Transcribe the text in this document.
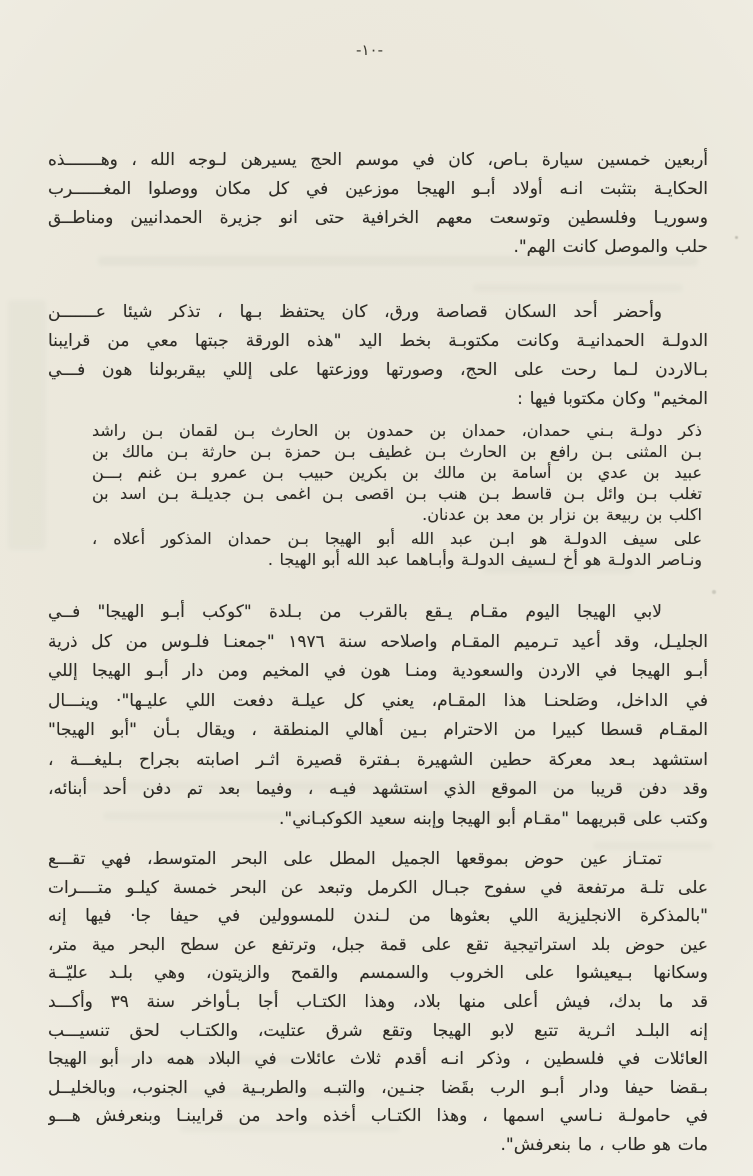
-١٠-
أربعين خمسين سيارة بـاص، كان في موسم الحج يسيرهن لـوجه الله ، وهـــــــذه
الحكايـة بتثبت انـه أولاد أبـو الهيجا موزعين في كل مكان ووصلوا المغــــــرب
وسوريـا وفلسطين وتوسعت معهم الخرافية حتى انو جزيرة الحمدانيين ومناطــق
حلب والموصل كانت الهم".
وأحضر أحد السكان قصاصة ورق، كان يحتفظ بـها ، تذكر شيئا عـــــــن
الدولـة الحمدانيـة وكانت مكتوبـة بخط اليد "هذه الورقة جبتها معي من قرايبنا
بـالاردن لـما رحت على الحج، وصورتها ووزعتها على إللي بيقربولنا هون فـــي
المخيم" وكان مكتوبا فيها :
ذكر دولـة بـني حمدان، حمدان بن حمدون بن الحارث بـن لقمان بـن راشد
بـن المثنى بـن رافع بن الحارث بـن غطيف بـن حمزة بـن حارثة بـن مالك بن
عبيد بن عدي بن أسامة بن مالك بن بكرين حبيب بـن عمرو بـن غنم بـــن
تغلب بـن وائل بـن قاسط بـن هنب بـن اقصى بـن اغمى بـن جديلـة بـن اسد بن
اكلب بن ربيعة بن نزار بن معد بن عدنان.
على سيف الدولـة هو ابـن عبد الله أبو الهيجا بـن حمدان المذكور أعلاه ،
ونـاصر الدولـة هو أخ لـسيف الدولـة وأبـاهما عبد الله أبو الهيجا .
لابي الهيجا اليوم مقـام يـقع بالقرب من بـلدة "كوكب أبـو الهيجا" فــي
الجليـل، وقد أعيد تـرميم المقـام واصلاحه سنة ١٩٧٦ "جمعنـا فلـوس من كل ذرية
أبـو الهيجا في الاردن والسعودية ومنـا هون في المخيم ومن دار أبـو الهيجا إللي
في الداخل، وصَلحنـا هذا المقـام، يعني كل عيلـة دفعت اللي عليـها"· وينـــال
المقـام قسطا كبيرا من الاحترام بـين أهالي المنطقة ، ويقال بـأن "أبو الهيجا"
استشهد بـعد معركة حطين الشهيرة بـفترة قصيرة اثـر اصابته بجراح بـليغـــة ،
وقد دفن قريبا من الموقع الذي استشهد فيـه ، وفيما بعد تم دفن أحد أبنائه،
وكتب على قبريهما "مقـام أبو الهيجا وإبنه سعيد الكوكبـاني".
تمتـاز عين حوض بموقعها الجميل المطل على البحر المتوسط، فهي تقـــع
على تلـة مرتفعة في سفوح جبـال الكرمل وتبعد عن البحر خمسة كيلـو متــــرات
"بالمذكرة الانجليزية اللي بعثوها من لـندن للمسوولين في حيفا جا· فيها إنه
عين حوض بلد استراتيجية تقع على قمة جبل، وترتفع عن سطح البحر مية متر،
وسكانها بـيعيشوا على الخروب والسمسم والقمح والزيتون، وهي بلـد عليّــة
قد ما بدك، فيش أعلى منها بلاد، وهذا الكتـاب أجا بـأواخر سنة ٣٩ وأكـــد
إنه البلـد اثـرية تتبع لابو الهيجا وتقع شرق عتليت، والكتـاب لحق تنسيـــب
العائلات في فلسطين ، وذكر انـه أقدم ثلاث عائلات في البلاد همه دار أبو الهيجا
بـقضا حيفا ودار أبـو الرب بقَضا جنـين، والتبـه والطربـية في الجنوب، وبالخليــل
في حامولـة نـاسي اسمها ، وهذا الكتـاب أخذه واحد من قرايبنـا وبنعرفش هـــو
مات هو طاب ، ما بنعرفش".
